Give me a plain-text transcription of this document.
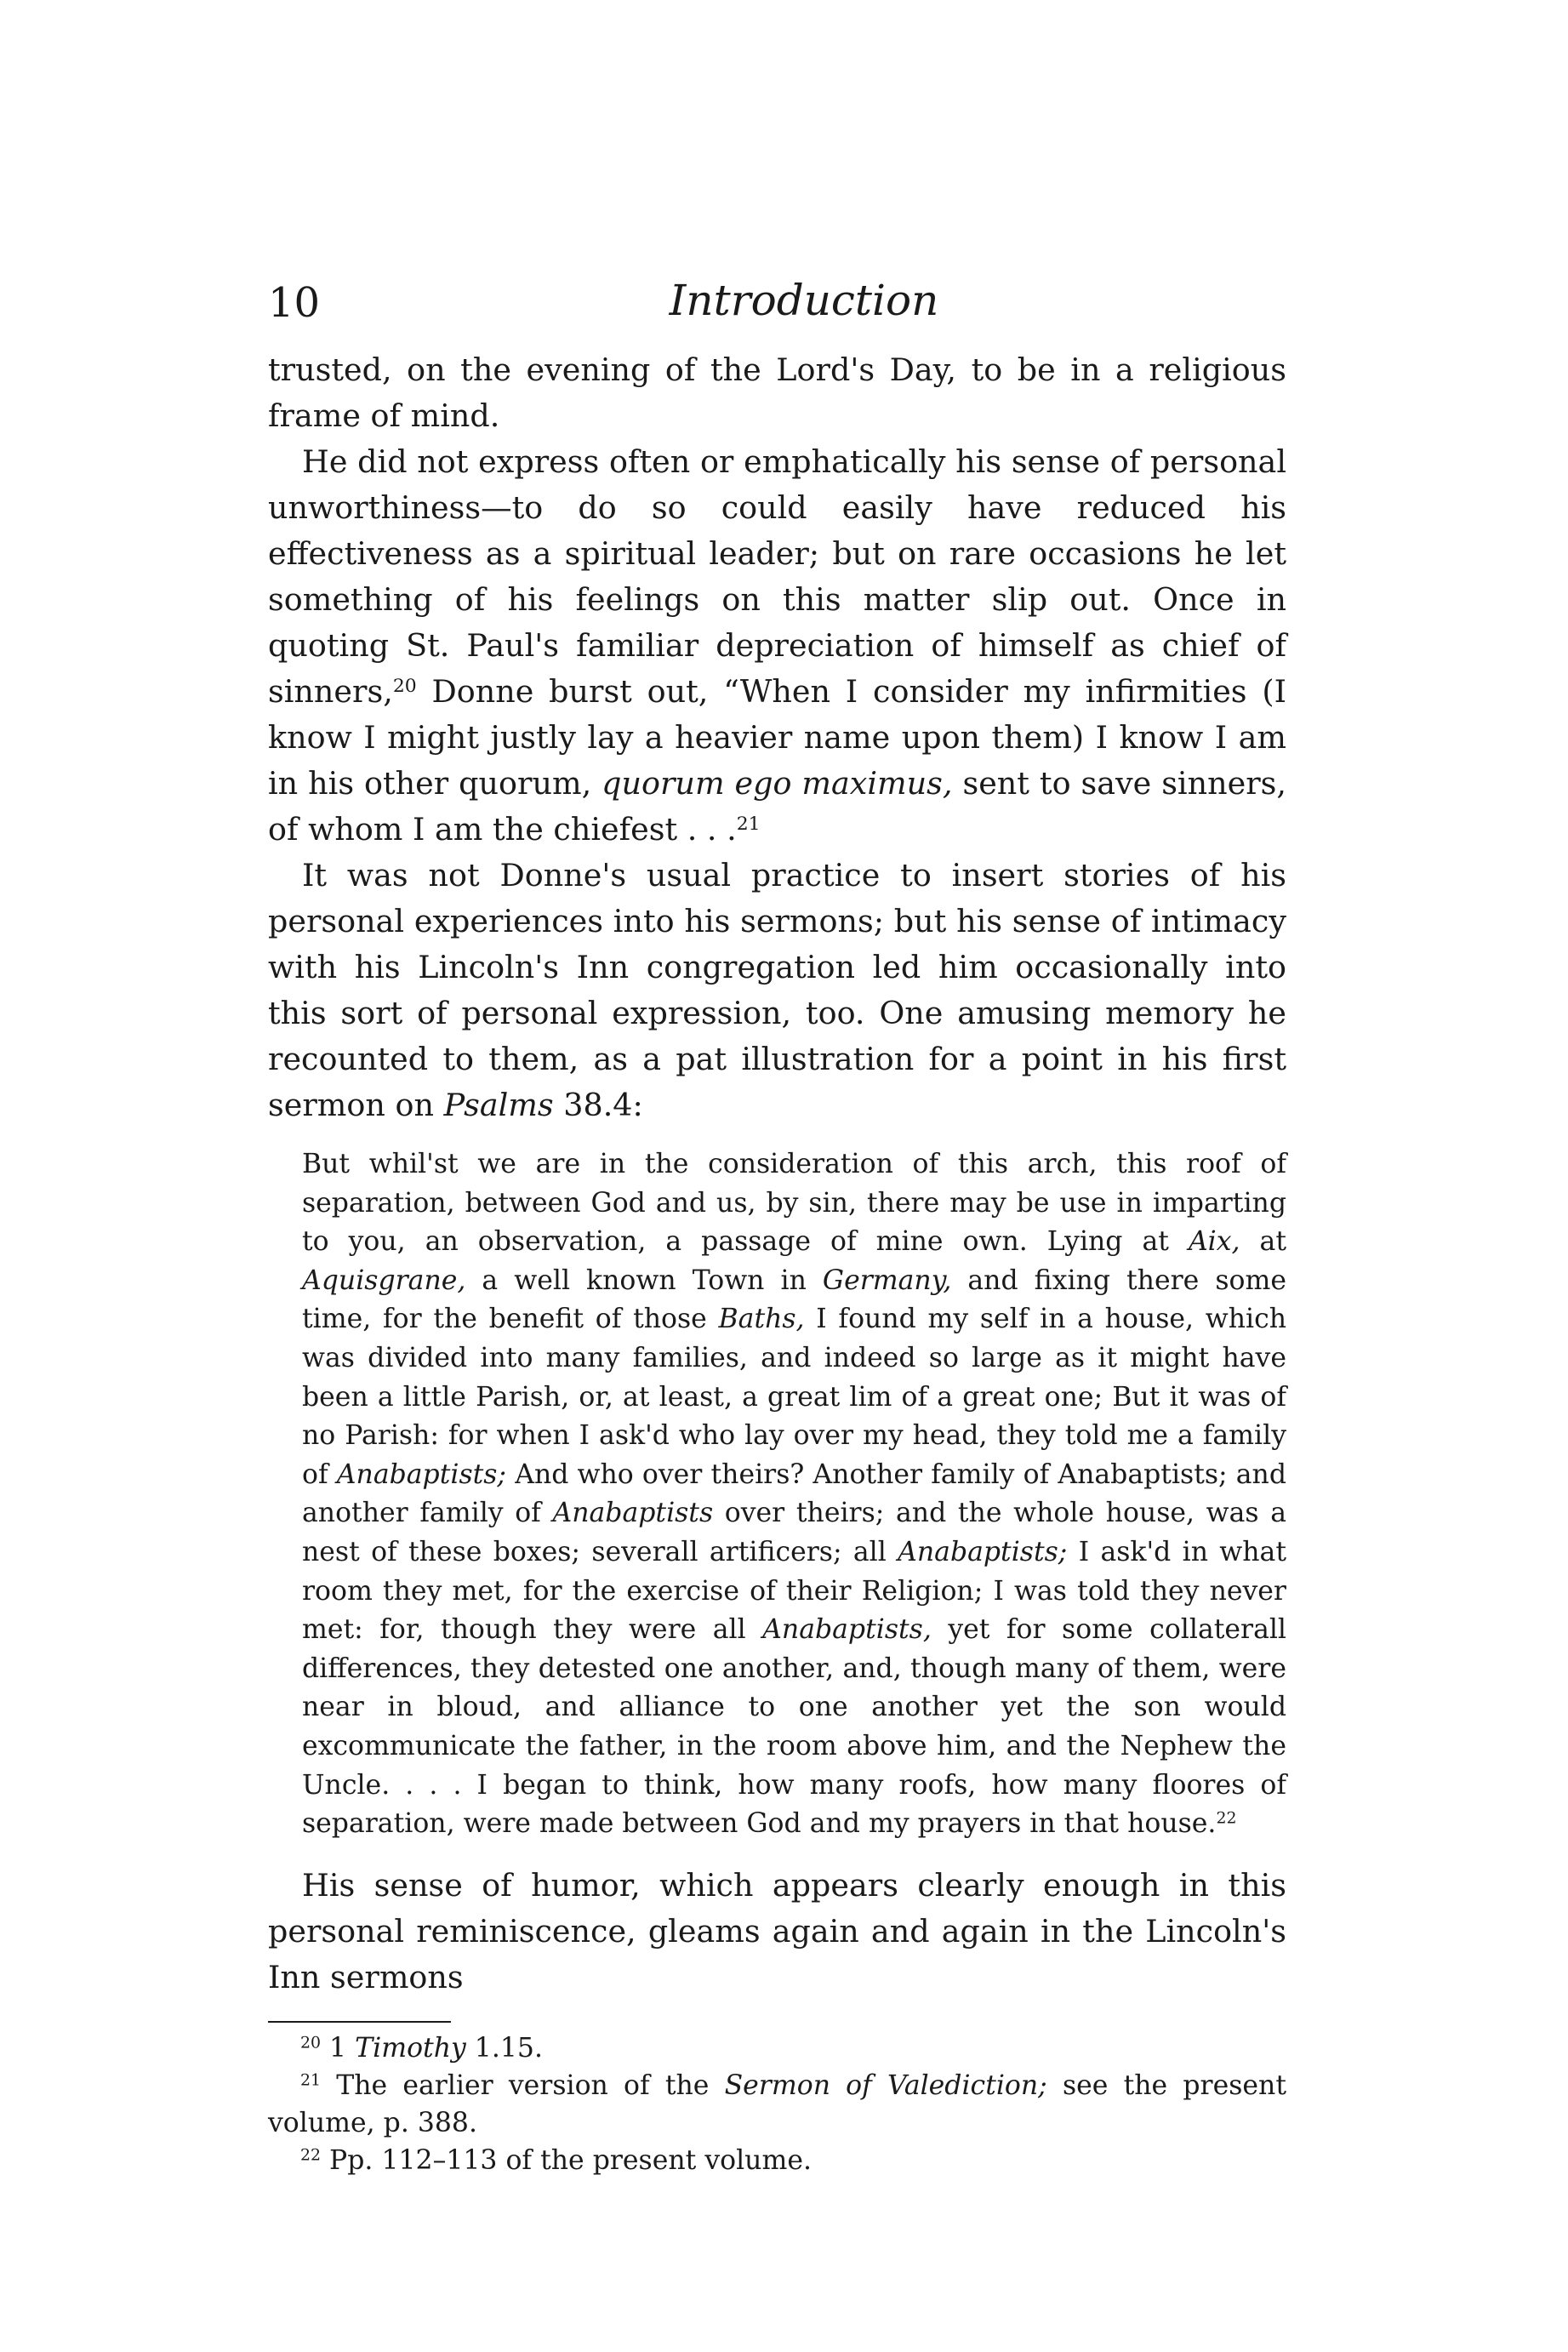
10	Introduction

trusted, on the evening of the Lord's Day, to be in a religious frame of mind.

He did not express often or emphatically his sense of personal unworthiness—to do so could easily have reduced his effectiveness as a spiritual leader; but on rare occasions he let something of his feelings on this matter slip out. Once in quoting St. Paul's familiar depreciation of himself as chief of sinners,$^{20}$ Donne burst out, “When I consider my infirmities (I know I might justly lay a heavier name upon them) I know I am in his other quorum, quorum ego maximus, sent to save sinners, of whom I am the chiefest . . .$^{21}$

It was not Donne's usual practice to insert stories of his personal experiences into his sermons; but his sense of intimacy with his Lincoln's Inn congregation led him occasionally into this sort of personal expression, too. One amusing memory he recounted to them, as a pat illustration for a point in his first sermon on Psalms 38.4:

But whil'st we are in the consideration of this arch, this roof of separation, between God and us, by sin, there may be use in imparting to you, an observation, a passage of mine own. Lying at Aix, at Aquisgrane, a well known Town in Germany, and fixing there some time, for the benefit of those Baths, I found my self in a house, which was divided into many families, and indeed so large as it might have been a little Parish, or, at least, a great lim of a great one; But it was of no Parish: for when I ask'd who lay over my head, they told me a family of Anabaptists; And who over theirs? Another family of Anabaptists; and another family of Anabaptists over theirs; and the whole house, was a nest of these boxes; severall artificers; all Anabaptists; I ask'd in what room they met, for the exercise of their Religion; I was told they never met: for, though they were all Anabaptists, yet for some collaterall differences, they detested one another, and, though many of them, were near in bloud, and alliance to one another yet the son would excommunicate the father, in the room above him, and the Nephew the Uncle. . . . I began to think, how many roofs, how many floores of separation, were made between God and my prayers in that house.$^{22}$

His sense of humor, which appears clearly enough in this personal reminiscence, gleams again and again in the Lincoln's Inn sermons

$^{20}$ 1 Timothy 1.15.

$^{21}$ The earlier version of the Sermon of Valediction; see the present volume, p. 388.

$^{22}$ Pp. 112–113 of the present volume.
